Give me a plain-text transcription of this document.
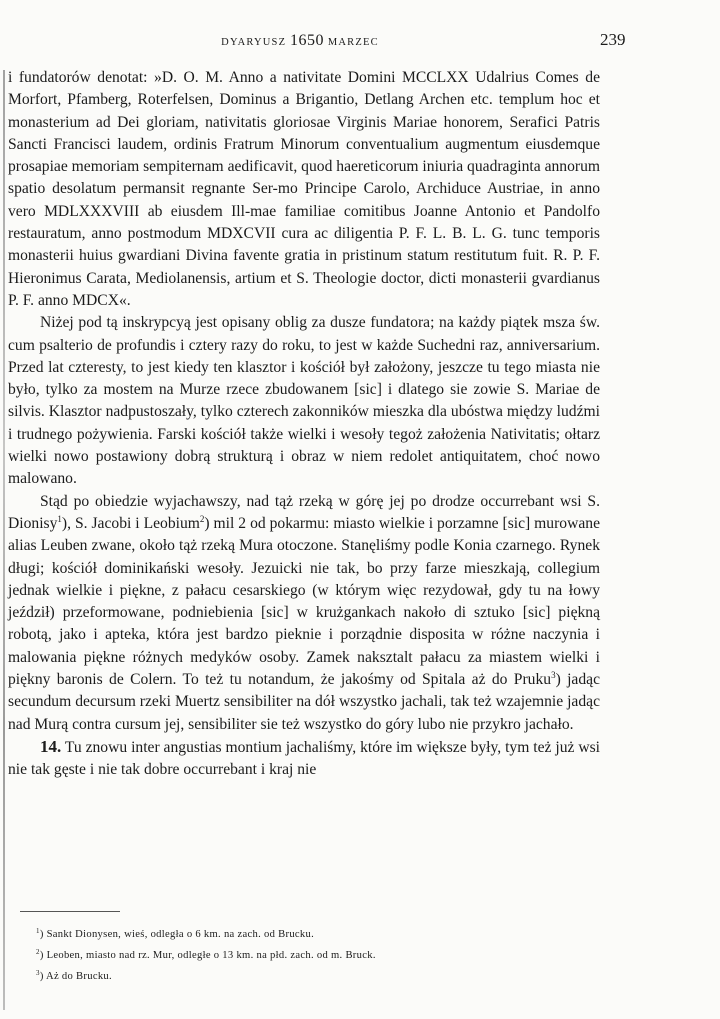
DYARYUSZ 1650 MARZEC	239

i fundatorów denotat: »D. O. M. Anno a nativitate Domini MCCLXX Udalrius Comes de Morfort, Pfamberg, Roterfelsen, Dominus a Brigantio, Detlang Archen etc. templum hoc et monasterium ad Dei gloriam, nativitatis gloriosae Virginis Mariae honorem, Serafici Patris Sancti Francisci laudem, ordinis Fratrum Minorum conventualium augmentum eiusdemque prosapiae memoriam sempiternam aedificavit, quod haereticorum iniuria quadraginta annorum spatio desolatum permansit regnante Ser-mo Principe Carolo, Archiduce Austriae, in anno vero MDLXXXVIII ab eiusdem Ill-mae familiae comitibus Joanne Antonio et Pandolfo restauratum, anno postmodum MDXCVII cura ac diligentia P. F. L. B. L. G. tunc temporis monasterii huius gwardiani Divina favente gratia in pristinum statum restitutum fuit. R. P. F. Hieronimus Carata, Mediolanensis, artium et S. Theologie doctor, dicti monasterii gvardianus P. F. anno MDCX«.

Niżej pod tą inskrypcyą jest opisany oblig za dusze fundatora; na każdy piątek msza św. cum psalterio de profundis i cztery razy do roku, to jest w każde Suchedni raz, anniversarium. Przed lat czteresty, to jest kiedy ten klasztor i kościół był założony, jeszcze tu tego miasta nie było, tylko za mostem na Murze rzece zbudowanem [sic] i dlatego sie zowie S. Mariae de silvis. Klasztor nadpustoszały, tylko czterech zakonników mieszka dla ubóstwa między ludźmi i trudnego pożywienia. Farski kościół także wielki i wesoły tegoż założenia Nativitatis; ołtarz wielki nowo postawiony dobrą strukturą i obraz w niem redolet antiquitatem, choć nowo malowano.

Stąd po obiedzie wyjachawszy, nad tąż rzeką w górę jej po drodze occurrebant wsi S. Dionisy$^1$), S. Jacobi i Leobium$^2$) mil 2 od pokarmu: miasto wielkie i porzamne [sic] murowane alias Leuben zwane, około tąż rzeką Mura otoczone. Stanęliśmy podle Konia czarnego. Rynek długi; kościół dominikański wesoły. Jezuicki nie tak, bo przy farze mieszkają, collegium jednak wielkie i piękne, z pałacu cesarskiego (w którym więc rezydował, gdy tu na łowy jeździł) przeformowane, podniebienia [sic] w krużgankach nakoło di sztuko [sic] piękną robotą, jako i apteka, która jest bardzo pieknie i porządnie disposita w różne naczynia i malowania piękne różnych medyków osoby. Zamek naksztalt pałacu za miastem wielki i piękny baronis de Colern. To też tu notandum, że jakośmy od Spitala aż do Pruku$^3$) jadąc secundum decursum rzeki Muertz sensibiliter na dół wszystko jachali, tak też wzajemnie jadąc nad Murą contra cursum jej, sensibiliter sie też wszystko do góry lubo nie przykro jachało.

14. Tu znowu inter angustias montium jachaliśmy, które im większe były, tym też już wsi nie tak gęste i nie tak dobre occurrebant i kraj nie

$^1$) Sankt Dionysen, wieś, odległa o 6 km. na zach. od Brucku.

$^2$) Leoben, miasto nad rz. Mur, odległe o 13 km. na płd. zach. od m. Bruck.

$^3$) Aż do Brucku.
